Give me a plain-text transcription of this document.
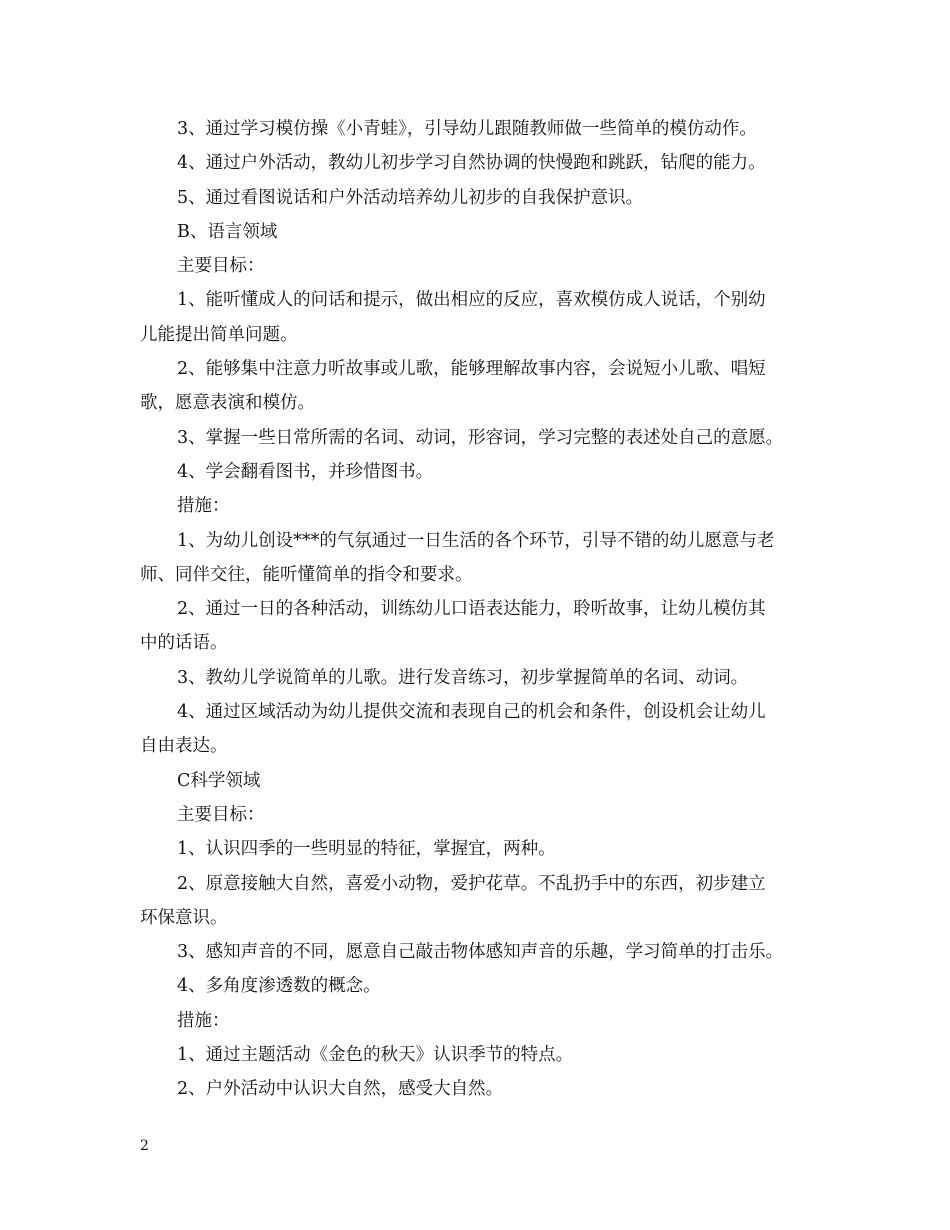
3、通过学习模仿操《小青蛙》，引导幼儿跟随教师做一些简单的模仿动作。
4、通过户外活动，教幼儿初步学习自然协调的快慢跑和跳跃，钻爬的能力。
5、通过看图说话和户外活动培养幼儿初步的自我保护意识。
B、语言领域
主要目标：
1、能听懂成人的问话和提示，做出相应的反应，喜欢模仿成人说话，个别幼
儿能提出简单问题。
2、能够集中注意力听故事或儿歌，能够理解故事内容，会说短小儿歌、唱短
歌，愿意表演和模仿。
3、掌握一些日常所需的名词、动词，形容词，学习完整的表述处自己的意愿。
4、学会翻看图书，并珍惜图书。
措施：
1、为幼儿创设***的气氛通过一日生活的各个环节，引导不错的幼儿愿意与老
师、同伴交往，能听懂简单的指令和要求。
2、通过一日的各种活动，训练幼儿口语表达能力，聆听故事，让幼儿模仿其
中的话语。
3、教幼儿学说简单的儿歌。进行发音练习，初步掌握简单的名词、动词。
4、通过区域活动为幼儿提供交流和表现自己的机会和条件，创设机会让幼儿
自由表达。
C科学领域
主要目标：
1、认识四季的一些明显的特征，掌握宜，两种。
2、原意接触大自然，喜爱小动物，爱护花草。不乱扔手中的东西，初步建立
环保意识。
3、感知声音的不同，愿意自己敲击物体感知声音的乐趣，学习简单的打击乐。
4、多角度渗透数的概念。
措施：
1、通过主题活动《金色的秋天》认识季节的特点。
2、户外活动中认识大自然，感受大自然。
2
